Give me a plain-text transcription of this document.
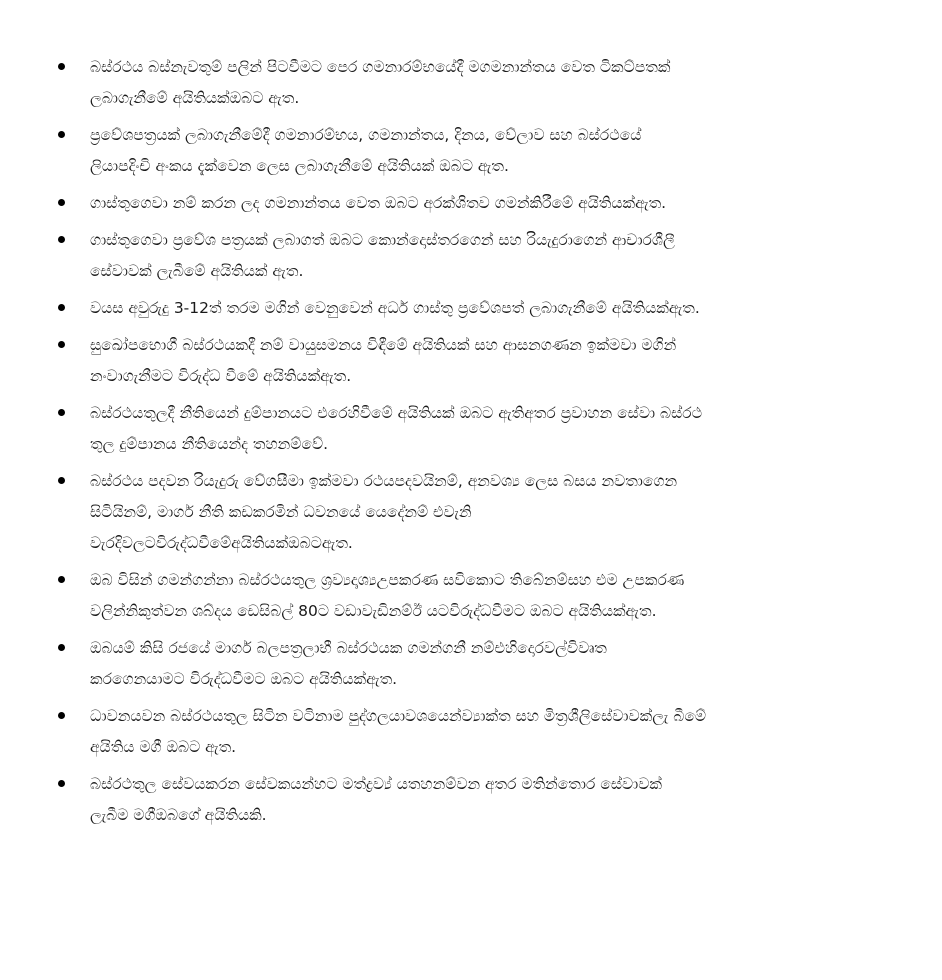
බස්රථය බස්නැවතුම් පලින් පිටවීමට පෙර ගමනාරම්භයේදී මගමනාන්තය වෙත ටිකට්පතක්
ලබාගැනීමේ අයිතියක්ඔබට ඇත.
ප්‍රවේශපත්‍රයක් ලබාගැනීමේදී ගමනාරම්භය, ගමනාන්තය, දිනය, වේලාව සහ බස්රථයේ
ලියාපදිංචි අංකය දැක්වෙන ලෙස ලබාගැනීමේ අයිතියක් ඔබට ඇත.
ගාස්තුගෙවා නම් කරන ලද ගමනාන්තය වෙත ඔබට අරක්ශිතව ගමන්කිරීමේ අයිතියක්ඇත.
ගාස්තුගෙවා ප්‍රවේශ පත්‍රයක් ලබාගත් ඔබට කොන්දොස්තරගෙන් සහ රියැදුරාගෙන් ආචාරශීලී
සේවාවක් ලැබීමේ අයිතියක් ඇත.
වයස අවුරුදු 3-12ත් තරම මගින් වෙනුවෙන් අර්ධ ගාස්තු ප්‍රවේශපත් ලබාගැනීමේ අයිතියක්ඇත.
සුඛෝපභොගී බස්රථයකදී නම් වායුසමනය විඳීමේ අයිතියක් සහ ආසනගණන ඉක්මවා මගින්
නංවාගැනීමට විරුද්ධ වීමේ අයිතියක්ඇත.
බස්රථයතුලදී නීතියෙන් දුම්පානයට එරෙහිවීමේ අයිතියක් ඔබට ඇතිඅතර ප්‍රවාහන සේවා බස්රථ
තුල දුම්පානය නීතියෙන්ද තහනම්වේ.
බස්රථය පදවන රියැදුරු වේගසීමා ඉක්මවා රථයපදවයිනම්, අනවශ්‍ය ලෙස බසය නවතාගෙන
සිටියිනම්, මාර්ග නීති කඩකරමින් ධවනයේ යෙදේනම් එවැනි
වැරදිවලටවිරුද්ධවීමේඅයිතියක්ඔබටඇත.
ඔබ විසින් ගමන්ගන්නා බස්රථයතුල ශ්‍රව්‍යදෘශ්‍යඋපකරණ සවිකොට තිබේනම්සහ එම උපකරණ
වලින්නිකුත්වන ශබ්දය ඩෙසිබල් 80ට වඩාවැඩිනම්ඊ යටවිරුද්ධවීමට ඔබට අයිතියක්ඇත.
ඔබයම් කිසි රජයේ මාර්ග බලපත්‍රලාභී බස්රථයක ගමන්ගනී නම්එහිදොරවල්විවෘත
කරගෙනයාමට විරුද්ධවීමට ඔබට අයිතියක්ඇත.
ධාවනයවන බස්රථයතුල සිටින වටිනාම පුද්ගලයාවශයෙන්ව්‍යාක්ත සහ මිත්‍රශීලිසේවාවක්ලැ බීමේ
අයිතිය මගී ඔබට ඇත.
බස්රථතුල සේවයකරන සේවකයන්හට මත්ද්‍රව්‍ය් යතහනම්වන අතර මතින්තොර සේවාවක්
ලැබීම මගීඔබගේ අයිතියකි.
